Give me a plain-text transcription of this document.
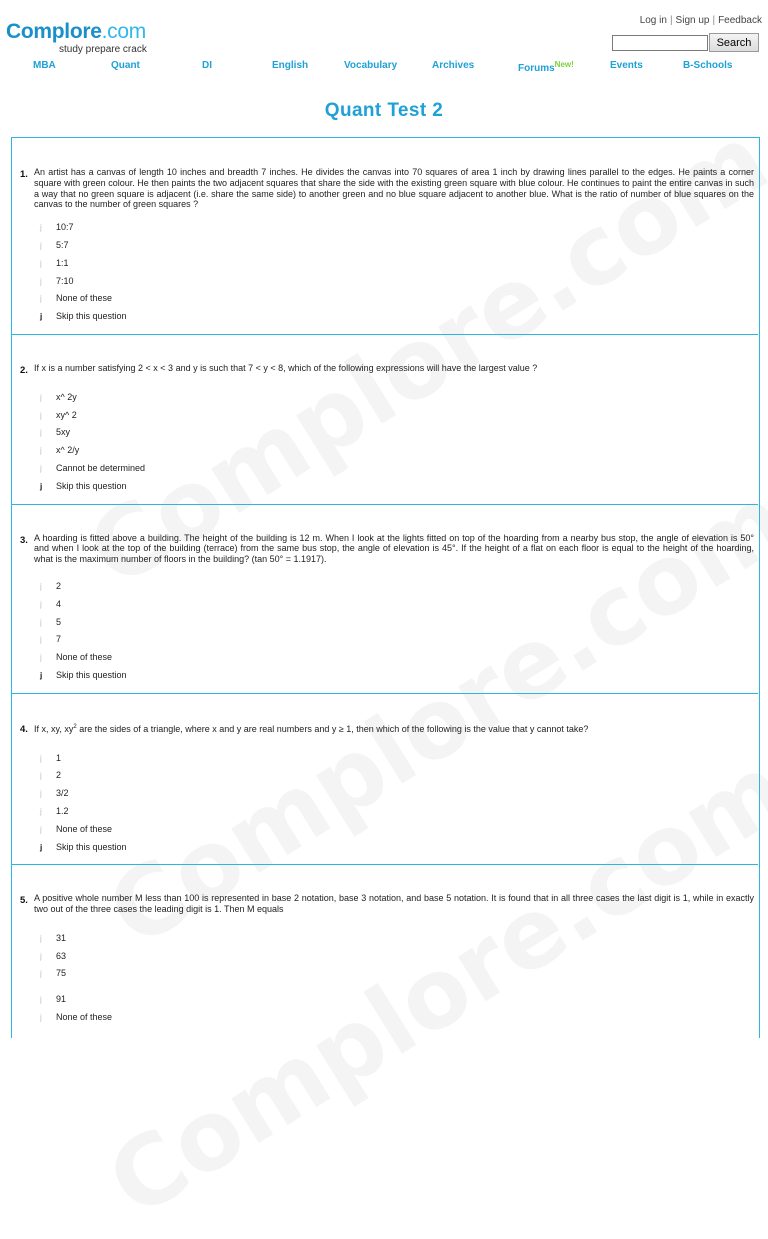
Complore.com
study prepare crack
Log in | Sign up | Feedback
Search
MBA	Quant	DI	English	Vocabulary	Archives	Forums$^{New!}$	Events	B-Schools
Quant Test 2
1. An artist has a canvas of length 10 inches and breadth 7 inches. He divides the canvas into 70 squares of area 1 inch by drawing lines parallel to the edges. He paints a corner square with green colour. He then paints the two adjacent squares that share the side with the existing green square with blue colour. He continues to paint the entire canvas in such a way that no green square is adjacent (i.e. share the same side) to another green and no blue square adjacent to another blue. What is the ratio of number of blue squares on the canvas to the number of green squares ?
j	10:7
j	5:7
j	1:1
j	7:10
j	None of these
j	Skip this question
2. If x is a number satisfying 2 < x < 3 and y is such that 7 < y < 8, which of the following expressions will have the largest value ?
j	x^ 2y
j	xy^ 2
j	5xy
j	x^ 2/y
j	Cannot be determined
j	Skip this question
3. A hoarding is fitted above a building. The height of the building is 12 m. When I look at the lights fitted on top of the hoarding from a nearby bus stop, the angle of elevation is 50° and when I look at the top of the building (terrace) from the same bus stop, the angle of elevation is 45°. If the height of a flat on each floor is equal to the height of the hoarding, what is the maximum number of floors in the building? (tan 50° = 1.1917).
j	2
j	4
j	5
j	7
j	None of these
j	Skip this question
4. If x, xy, $xy^2$ are the sides of a triangle, where x and y are real numbers and y ≥ 1, then which of the following is the value that y cannot take?
j	1
j	2
j	3/2
j	1.2
j	None of these
j	Skip this question
5. A positive whole number M less than 100 is represented in base 2 notation, base 3 notation, and base 5 notation. It is found that in all three cases the last digit is 1, while in exactly two out of the three cases the leading digit is 1. Then M equals
j	31
j	63
j	75
j	91
j	None of these
